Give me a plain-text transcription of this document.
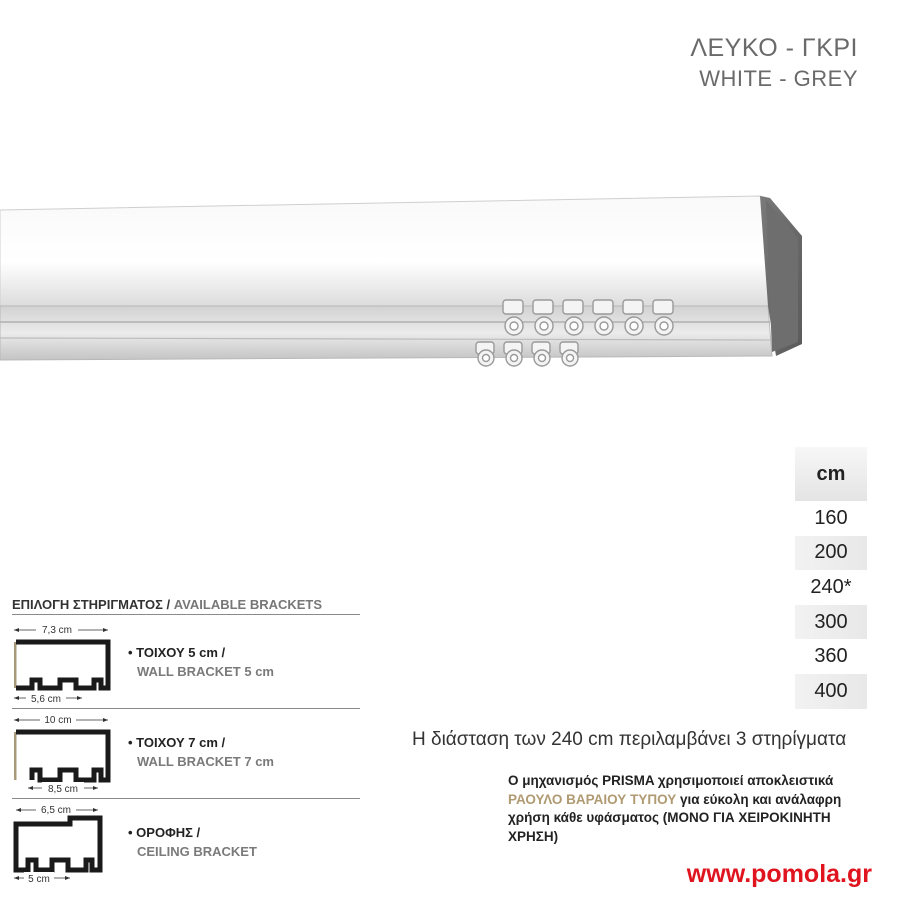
ΛΕΥΚΟ - ΓΚΡΙ
WHITE - GREY
cm
160
200
240*
300
360
400
Η διάσταση των 240 cm περιλαμβάνει 3 στηρίγματα
Ο μηχανισμός PRISMA χρησιμοποιεί αποκλειστικά
ΡΑΟΥΛΟ ΒΑΡΑΙΟΥ ΤΥΠΟΥ για εύκολη και ανάλαφρη χρήση κάθε υφάσματος (ΜΟΝΟ ΓΙΑ ΧΕΙΡΟΚΙΝΗΤΗ ΧΡΗΣΗ)
ΕΠΙΛΟΓΗ ΣΤΗΡΙΓΜΑΤΟΣ / AVAILABLE BRACKETS
7,3 cm
5,6 cm
• ΤΟΙΧΟΥ 5 cm /
WALL BRACKET 5 cm
10 cm
8,5 cm
• ΤΟΙΧΟΥ 7 cm /
WALL BRACKET 7 cm
6,5 cm
5 cm
• ΟΡΟΦΗΣ /
CEILING BRACKET
www.pomola.gr
